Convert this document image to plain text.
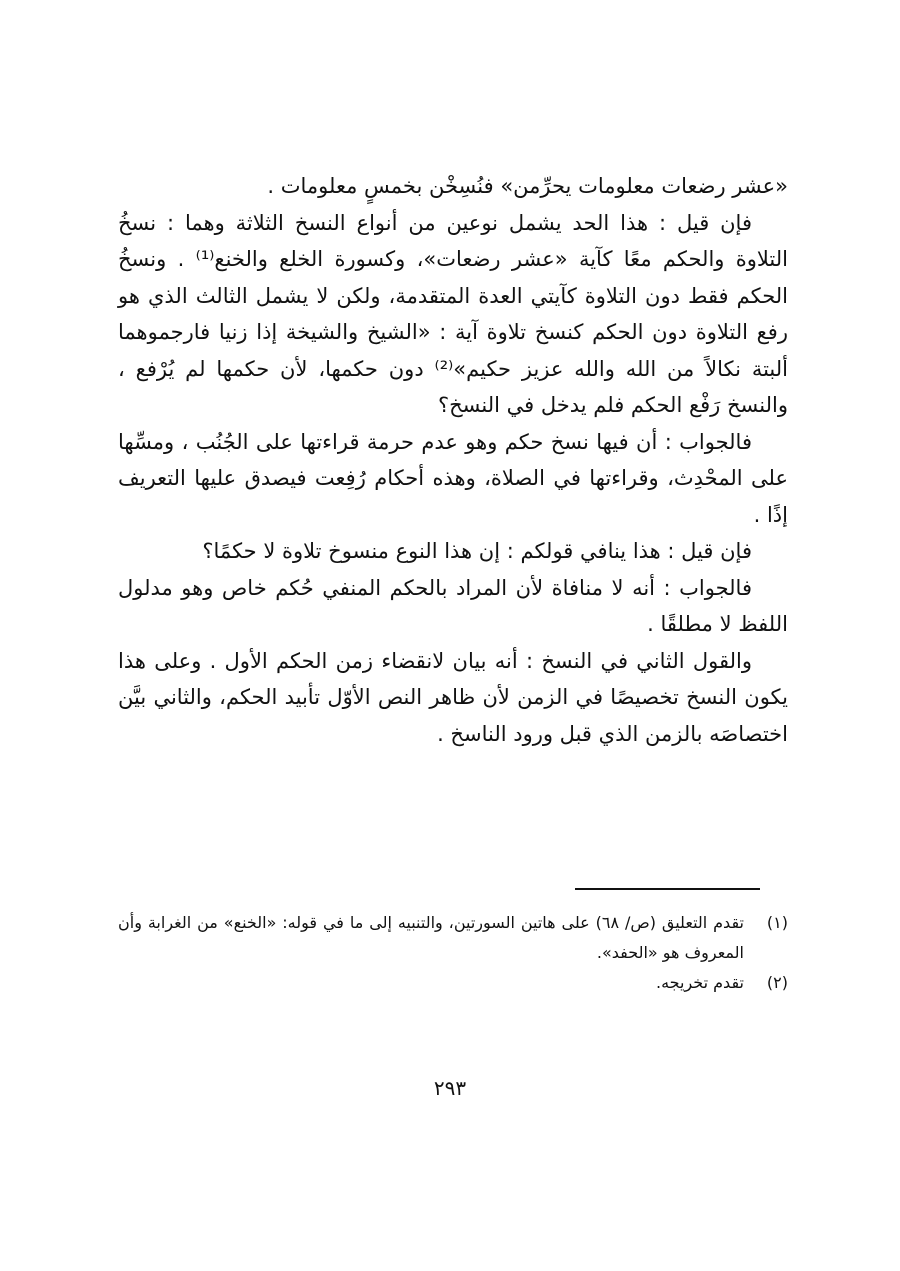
«عشر رضعات معلومات يحرِّمن» فنُسِخْن بخمسٍ معلومات .

فإن قيل : هذا الحد يشمل نوعين من أنواع النسخ الثلاثة وهما : نسخُ التلاوة والحكم معًا كآية «عشر رضعات»، وكسورة الخلع والخنع⁽¹⁾ . ونسخُ الحكم فقط دون التلاوة كآيتي العدة المتقدمة، ولكن لا يشمل الثالث الذي هو رفع التلاوة دون الحكم كنسخ تلاوة آية : «الشيخ والشيخة إذا زنيا فارجموهما ألبتة نكالاً من الله والله عزيز حكيم»⁽²⁾ دون حكمها، لأن حكمها لم يُرْفع ، والنسخ رَفْع الحكم فلم يدخل في النسخ؟

فالجواب : أن فيها نسخ حكم وهو عدم حرمة قراءتها على الجُنُب ، ومسِّها على المحْدِث، وقراءتها في الصلاة، وهذه أحكام رُفِعت فيصدق عليها التعريف إذًا .

فإن قيل : هذا ينافي قولكم : إن هذا النوع منسوخ تلاوة لا حكمًا؟

فالجواب : أنه لا منافاة لأن المراد بالحكم المنفي حُكم خاص وهو مدلول اللفظ لا مطلقًا .

والقول الثاني في النسخ : أنه بيان لانقضاء زمن الحكم الأول . وعلى هذا يكون النسخ تخصيصًا في الزمن لأن ظاهر النص الأوّل تأبيد الحكم، والثاني بيَّن اختصاصَه بالزمن الذي قبل ورود الناسخ .

(١)
تقدم التعليق (ص/ ٦٨) على هاتين السورتين، والتنبيه إلى ما في قوله: «الخنع» من الغرابة وأن المعروف هو «الحفد».
(٢)
تقدم تخريجه.
٢٩٣
